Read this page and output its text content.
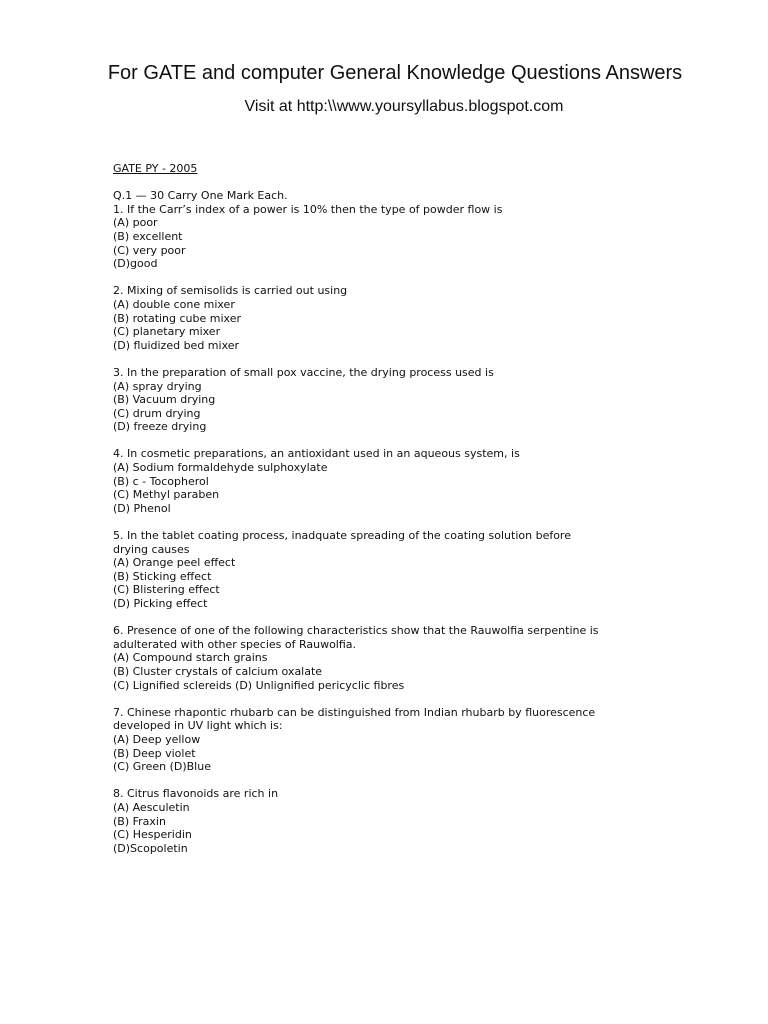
For GATE and computer General Knowledge Questions Answers
Visit at http:\\www.yoursyllabus.blogspot.com
GATE PY - 2005
Q.1 — 30 Carry One Mark Each.
1. If the Carr’s index of a power is 10% then the type of powder flow is
(A) poor
(B) excellent
(C) very poor
(D)good
2. Mixing of semisolids is carried out using
(A) double cone mixer
(B) rotating cube mixer
(C) planetary mixer
(D) fluidized bed mixer
3. In the preparation of small pox vaccine, the drying process used is
(A) spray drying
(B) Vacuum drying
(C) drum drying
(D) freeze drying
4. In cosmetic preparations, an antioxidant used in an aqueous system, is
(A) Sodium formaldehyde sulphoxylate
(B) c - Tocopherol
(C) Methyl paraben
(D) Phenol
5. In the tablet coating process, inadquate spreading of the coating solution before
drying causes
(A) Orange peel effect
(B) Sticking effect
(C) Blistering effect
(D) Picking effect
6. Presence of one of the following characteristics show that the Rauwolfia serpentine is
adulterated with other species of Rauwolfia.
(A) Compound starch grains
(B) Cluster crystals of calcium oxalate
(C) Lignified sclereids (D) Unlignified pericyclic fibres
7. Chinese rhapontic rhubarb can be distinguished from Indian rhubarb by fluorescence
developed in UV light which is:
(A) Deep yellow
(B) Deep violet
(C) Green (D)Blue
8. Citrus flavonoids are rich in
(A) Aesculetin
(B) Fraxin
(C) Hesperidin
(D)Scopoletin
